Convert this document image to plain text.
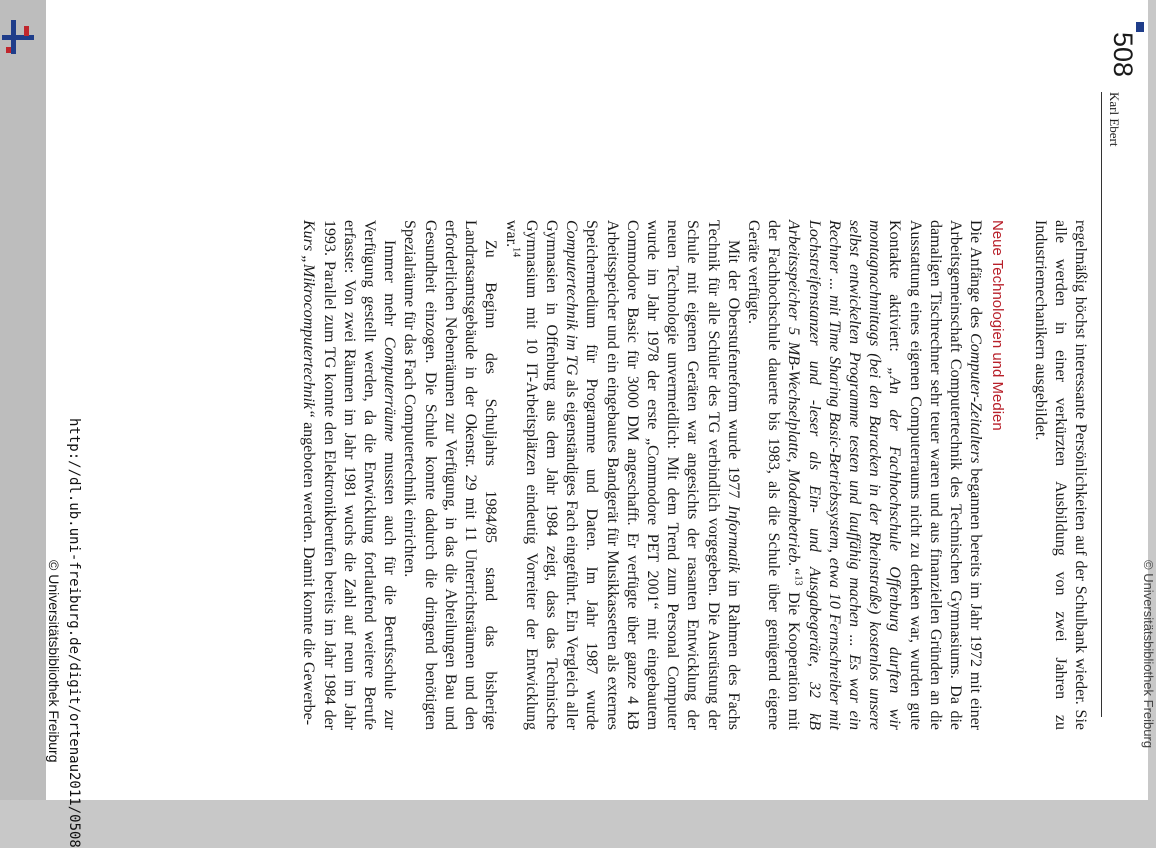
© Universitätsbibliothek Freiburg
508
Karl Ebert

regelmäßig höchst interessante Persönlichkeiten auf der Schulbank wieder. Sie alle werden in einer verkürzten Ausbildung von zwei Jahren zu Industriemechanikern ausgebildet.

Neue Technologien und Medien

Die Anfänge des Computer-Zeitalters begannen bereits im Jahr 1972 mit einer Arbeitsgemeinschaft Computertechnik des Technischen Gymnasiums. Da die damaligen Tischrechner sehr teuer waren und aus finanziellen Gründen an die Ausstattung eines eigenen Computerraums nicht zu denken war, wurden gute Kontakte aktiviert: „An der Fachhochschule Offenburg durften wir montagnachmittags (bei den Baracken in der Rheinstraße) kostenlos unsere selbst entwickelten Programme testen und lauffähig machen ... Es war ein Rechner ... mit Time Sharing Basic-Betriebssystem, etwa 10 Fernschreiber mit Lochstreifenstanzer und -leser als Ein- und Ausgabegeräte, 32 kB Arbeitsspeicher 5 MB-Wechselplatte, Modembetrieb.“$^{13}$ Die Kooperation mit der Fachhochschule dauerte bis 1983, als die Schule über genügend eigene Geräte verfügte.

Mit der Oberstufenreform wurde 1977 Informatik im Rahmen des Fachs Technik für alle Schüler des TG verbindlich vorgegeben. Die Ausrüstung der Schule mit eigenen Geräten war angesichts der rasanten Entwicklung der neuen Technologie unvermeidlich: Mit dem Trend zum Personal Computer wurde im Jahr 1978 der erste „Commodore PET 2001“ mit eingebautem Commodore Basic für 3000 DM angeschafft. Er verfügte über ganze 4 kB Arbeitsspeicher und ein eingebautes Bandgerät für Musikkassetten als externes Speichermedium für Programme und Daten. Im Jahr 1987 wurde Computertechnik im TG als eigenständiges Fach eingeführt. Ein Vergleich aller Gymnasien in Offenburg aus dem Jahr 1984 zeigt, dass das Technische Gymnasium mit 10 IT-Arbeitsplätzen eindeutig Vorreiter der Entwicklung war.$^{14}$

Zu Beginn des Schuljahrs 1984/85 stand das bisherige Landratsamtsgebäude in der Okenstr. 29 mit 11 Unterrichtsräumen und den erforderlichen Nebenräumen zur Verfügung, in das die Abteilungen Bau und Gesundheit einzogen. Die Schule konnte dadurch die dringend benötigten Spezialräume für das Fach Computertechnik einrichten.

Immer mehr Computerräume mussten auch für die Berufsschule zur Verfügung gestellt werden, da die Entwicklung fortlaufend weitere Berufe erfasste: Von zwei Räumen im Jahr 1981 wuchs die Zahl auf neun im Jahr 1993. Parallel zum TG konnte den Elektronikberufen bereits im Jahr 1984 der Kurs „Mikrocomputertechnik“ angeboten werden. Damit konnte die Gewerbe-

http://dl.ub.uni-freiburg.de/digit/ortenau2011/0508
© Universitätsbibliothek Freiburg
